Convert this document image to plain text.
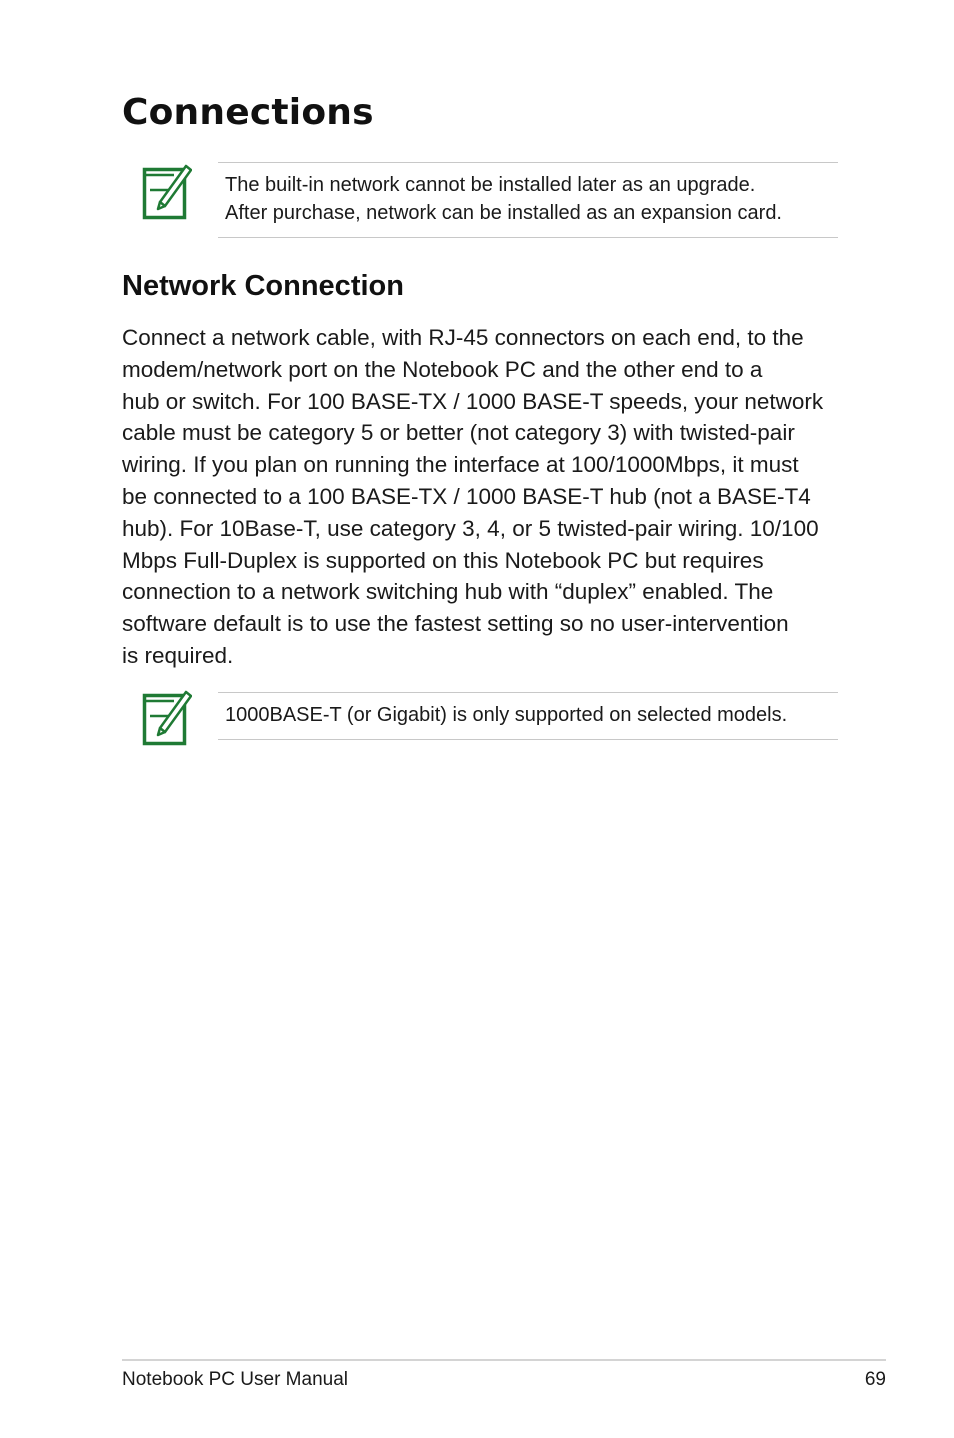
Connections
The built-in network cannot be installed later as an upgrade.
After purchase, network can be installed as an expansion card.
Network Connection
Connect a network cable, with RJ-45 connectors on each end, to the
modem/network port on the Notebook PC and the other end to a
hub or switch. For 100 BASE-TX / 1000 BASE-T speeds, your network
cable must be category 5 or better (not category 3) with twisted-pair
wiring. If you plan on running the interface at 100/1000Mbps, it must
be connected to a 100 BASE-TX / 1000 BASE-T hub (not a BASE-T4
hub). For 10Base-T, use category 3, 4, or 5 twisted-pair wiring. 10/100
Mbps Full-Duplex is supported on this Notebook PC but requires
connection to a network switching hub with “duplex” enabled. The
software default is to use the fastest setting so no user-intervention
is required.
1000BASE-T (or Gigabit) is only supported on selected models.
Notebook PC User Manual	69
